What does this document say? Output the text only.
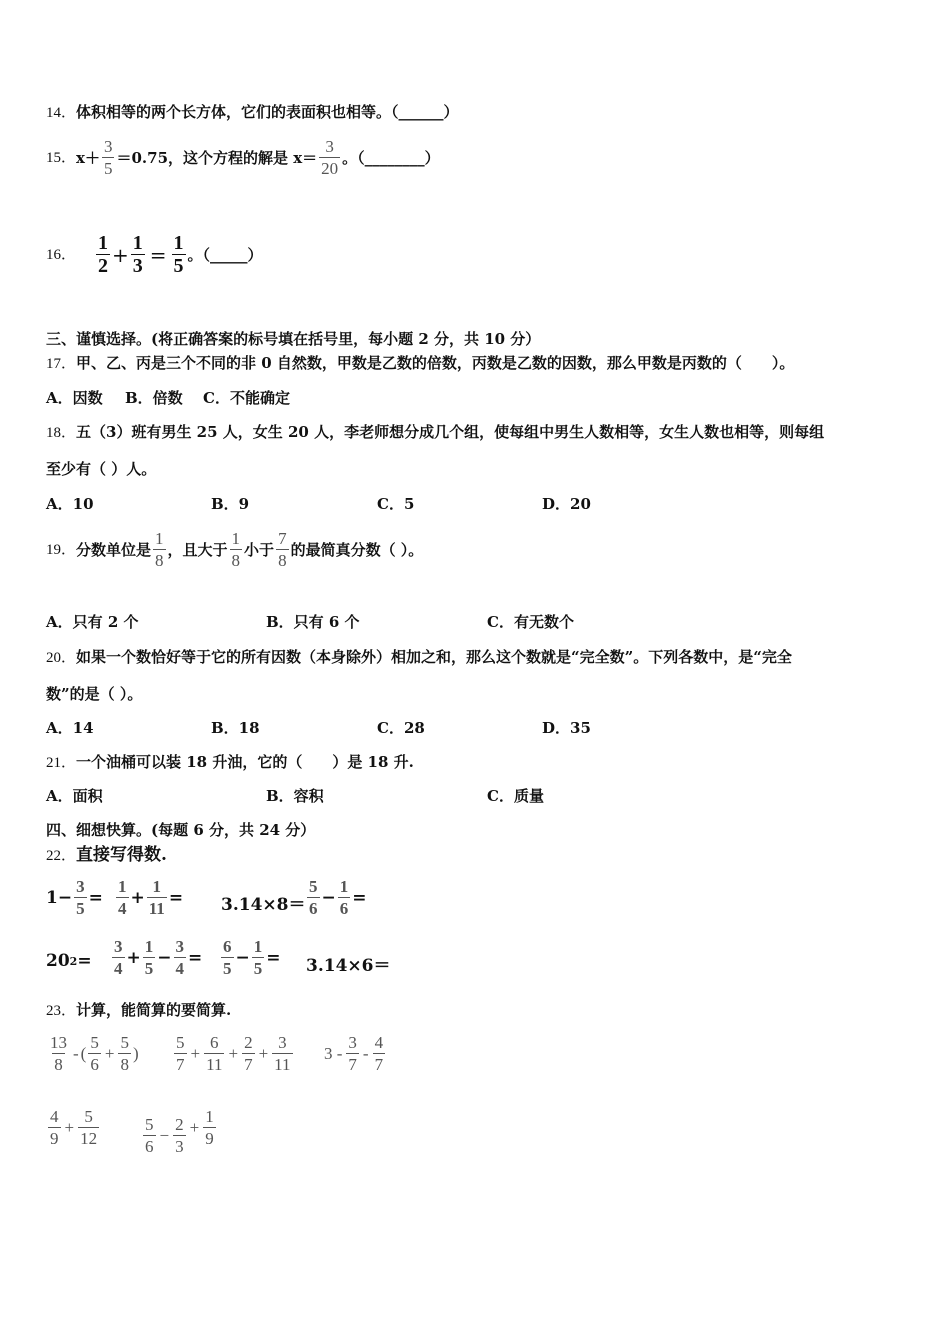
14．体积相等的两个长方体，它们的表面积也相等。（______）
15． $x+ \frac{3}{5} =0.75$，这个方程的解是 $x= \frac{3}{20}$ 。（________）
16． $\frac{1}{2} + \frac{1}{3} = \frac{1}{5}$ 。（_____）
三、谨慎选择。(将正确答案的标号填在括号里，每小题 2 分，共 10 分）
17．甲、乙、丙是三个不同的非 0 自然数，甲数是乙数的倍数，丙数是乙数的因数，那么甲数是丙数的（　　）。
A．因数 B．倍数 C．不能确定
18．五（3）班有男生 25 人，女生 20 人，李老师想分成几个组，使每组中男生人数相等，女生人数也相等，则每组
至少有（ ）人。
A．10	B．9	C．5	D．20
19． 分数单位是 $\frac{1}{8}$ ，且大于 $\frac{1}{8}$ 小于 $\frac{7}{8}$ 的最简真分数（ ）。
A．只有 2 个	B．只有 6 个	C．有无数个
20．如果一个数恰好等于它的所有因数（本身除外）相加之和，那么这个数就是“完全数”。下列各数中，是“完全
数”的是（ ）。
A．14	B．18	C．28	D．35
21．一个油桶可以装 18 升油，它的（　　）是 18 升.
A．面积	B．容积	C．质量
四、细想快算。(每题 6 分，共 24 分）
22．直接写得数.
$1- \frac{3}{5} = \frac{1}{4} + \frac{1}{11} = 3.14\times 8= \frac{5}{6} - \frac{1}{6}$ =
20 $2 = \frac{3}{4} + \frac{1}{5} - \frac{3}{4} = \frac{6}{5} - \frac{1}{5} = 3.14\times 6=$
23．计算，能简算的要简算.
$\frac{13}{8}$ - ( $\frac{5}{6} + \frac{5}{8}$ ) $\frac{5}{7} + \frac{6}{11} + \frac{2}{7} + \frac{3}{11} 3 - \frac{3}{7} - \frac{4}{7}$
$\frac{4}{9} + \frac{5}{12}$	$\frac{5}{6} - \frac{2}{3} + \frac{1}{9}$
